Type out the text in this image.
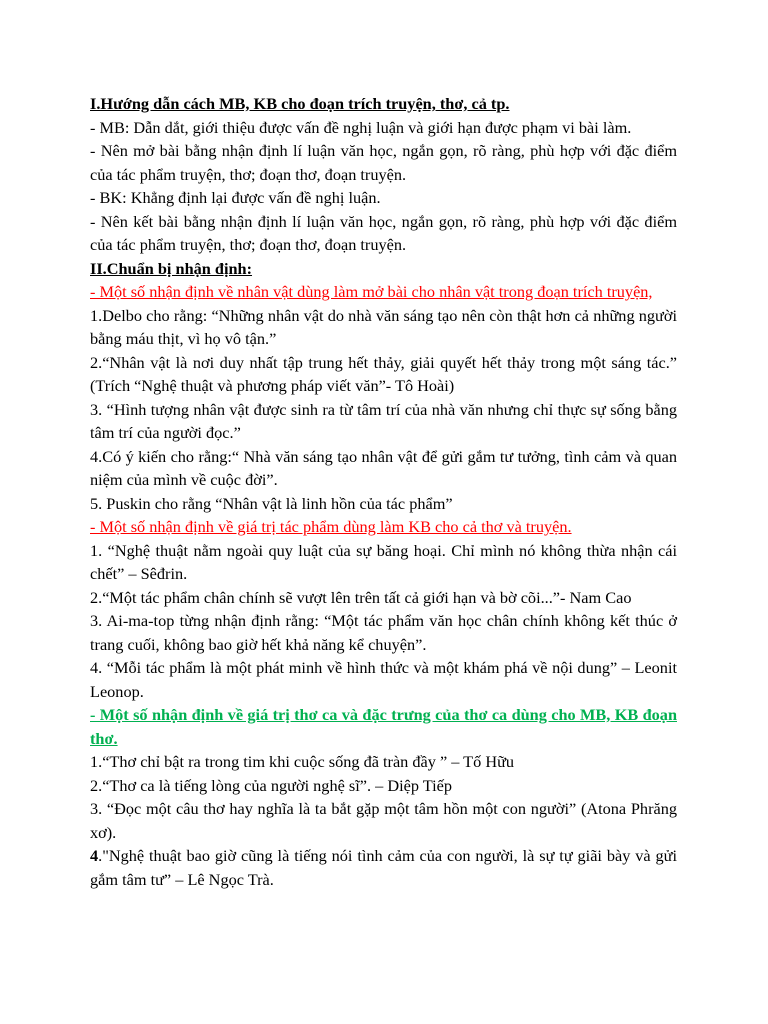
I.Hướng dẫn cách MB, KB cho đoạn trích truyện, thơ, cả tp.

- MB: Dẫn dắt, giới thiệu được vấn đề nghị luận và giới hạn được phạm vi bài làm.

- Nên mở bài bằng nhận định lí luận văn học, ngắn gọn, rõ ràng, phù hợp với đặc điểm của tác phẩm truyện, thơ; đoạn thơ, đoạn truyện.

- BK: Khẳng định lại được vấn đề nghị luận.

- Nên kết bài bằng nhận định lí luận văn học, ngắn gọn, rõ ràng, phù hợp với đặc điểm của tác phẩm truyện, thơ; đoạn thơ, đoạn truyện.

II.Chuẩn bị nhận định:

- Một số nhận định về nhân vật dùng làm mở bài cho nhân vật trong đoạn trích truyện,

1.Delbo cho rằng: “Những nhân vật do nhà văn sáng tạo nên còn thật hơn cả những người bằng máu thịt, vì họ vô tận.”

2.“Nhân vật là nơi duy nhất tập trung hết thảy, giải quyết hết thảy trong một sáng tác.” (Trích “Nghệ thuật và phương pháp viết văn”- Tô Hoài)

3. “Hình tượng nhân vật được sinh ra từ tâm trí của nhà văn nhưng chỉ thực sự sống bằng tâm trí của người đọc.”

4.Có ý kiến cho rằng:“ Nhà văn sáng tạo nhân vật để gửi gắm tư tưởng, tình cảm và quan niệm của mình về cuộc đời”.

5. Puskin cho rằng “Nhân vật là linh hồn của tác phẩm”

- Một số nhận định về giá trị tác phẩm dùng làm KB cho cả thơ và truyện.

1. “Nghệ thuật nằm ngoài quy luật của sự băng hoại. Chỉ mình nó không thừa nhận cái chết” – Sêđrin.

2.“Một tác phẩm chân chính sẽ vượt lên trên tất cả giới hạn và bờ cõi...”- Nam Cao

3. Ai-ma-top từng nhận định rằng: “Một tác phẩm văn học chân chính không kết thúc ở trang cuối, không bao giờ hết khả năng kể chuyện”.

4. “Mỗi tác phẩm là một phát minh về hình thức và một khám phá về nội dung” – Leonit Leonop.

- Một số nhận định về giá trị thơ ca và đặc trưng của thơ ca dùng cho MB, KB đoạn thơ.

1.“Thơ chỉ bật ra trong tim khi cuộc sống đã tràn đầy ” – Tố Hữu

2.“Thơ ca là tiếng lòng của người nghệ sĩ”. – Diệp Tiếp

3. “Đọc một câu thơ hay nghĩa là ta bắt gặp một tâm hồn một con người” (Atona Phrăng xơ).

4."Nghệ thuật bao giờ cũng là tiếng nói tình cảm của con người, là sự tự giãi bày và gửi gắm tâm tư” – Lê Ngọc Trà.
